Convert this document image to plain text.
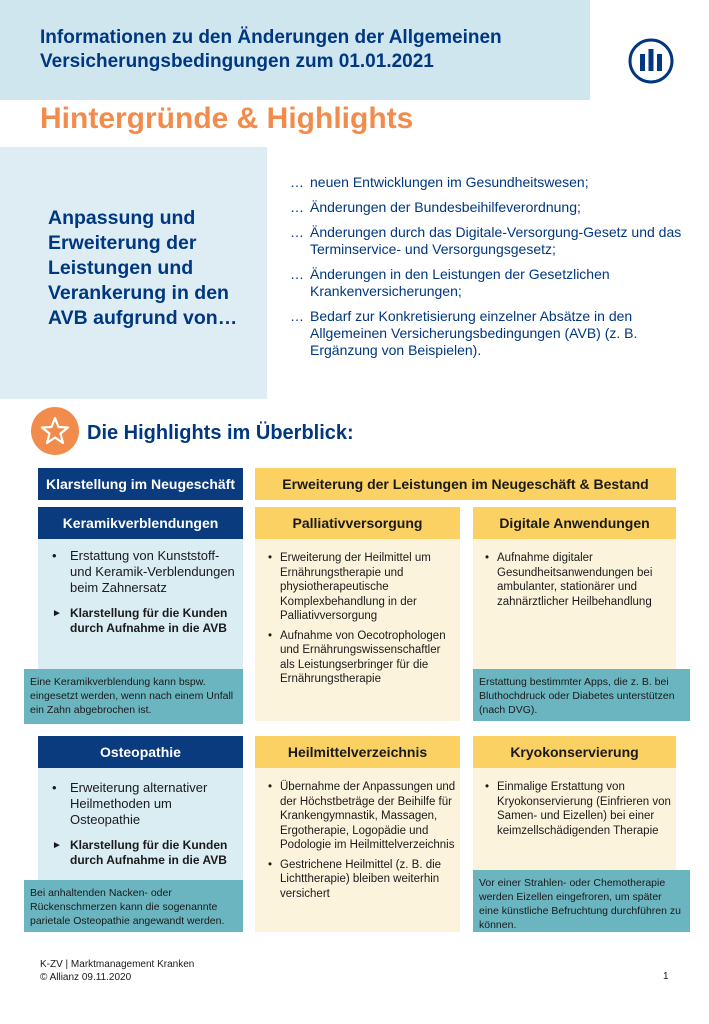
Informationen zu den Änderungen der Allgemeinen
Versicherungsbedingungen zum 01.01.2021
Hintergründe & Highlights
Anpassung und Erweiterung der Leistungen und Verankerung in den AVB aufgrund von…
… neuen Entwicklungen im Gesundheitswesen;
… Änderungen der Bundesbeihilfeverordnung;
… Änderungen durch das Digitale-Versorgung-Gesetz und das Terminservice- und Versorgungsgesetz;
… Änderungen in den Leistungen der Gesetzlichen Krankenversicherungen;
… Bedarf zur Konkretisierung einzelner Absätze in den Allgemeinen Versicherungsbedingungen (AVB) (z. B. Ergänzung von Beispielen).
Die Highlights im Überblick:
Klarstellung im Neugeschäft	Erweiterung der Leistungen im Neugeschäft & Bestand
Keramikverblendungen
• Erstattung von Kunststoff- und Keramik-Verblendungen beim Zahnersatz
► Klarstellung für die Kunden durch Aufnahme in die AVB
Eine Keramikverblendung kann bspw. eingesetzt werden, wenn nach einem Unfall ein Zahn abgebrochen ist.
Palliativversorgung
• Erweiterung der Heilmittel um Ernährungstherapie und physiotherapeutische Komplexbehandlung in der Palliativversorgung
• Aufnahme von Oecotrophologen und Ernährungswissenschaftler als Leistungserbringer für die Ernährungstherapie
Digitale Anwendungen
• Aufnahme digitaler Gesundheitsanwendungen bei ambulanter, stationärer und zahnärztlicher Heilbehandlung
Erstattung bestimmter Apps, die z. B. bei Bluthochdruck oder Diabetes unterstützen (nach DVG).
Osteopathie
• Erweiterung alternativer Heilmethoden um Osteopathie
► Klarstellung für die Kunden durch Aufnahme in die AVB
Bei anhaltenden Nacken- oder Rückenschmerzen kann die sogenannte parietale Osteopathie angewandt werden.
Heilmittelverzeichnis
• Übernahme der Anpassungen und der Höchstbeträge der Beihilfe für Krankengymnastik, Massagen, Ergotherapie, Logopädie und Podologie im Heilmittelverzeichnis
• Gestrichene Heilmittel (z. B. die Lichttherapie) bleiben weiterhin versichert
Kryokonservierung
• Einmalige Erstattung von Kryokonservierung (Einfrieren von Samen- und Eizellen) bei einer keimzellschädigenden Therapie
Vor einer Strahlen- oder Chemotherapie werden Eizellen eingefroren, um später eine künstliche Befruchtung durchführen zu können.
K-ZV | Marktmanagement Kranken
© Allianz 09.11.2020	1
